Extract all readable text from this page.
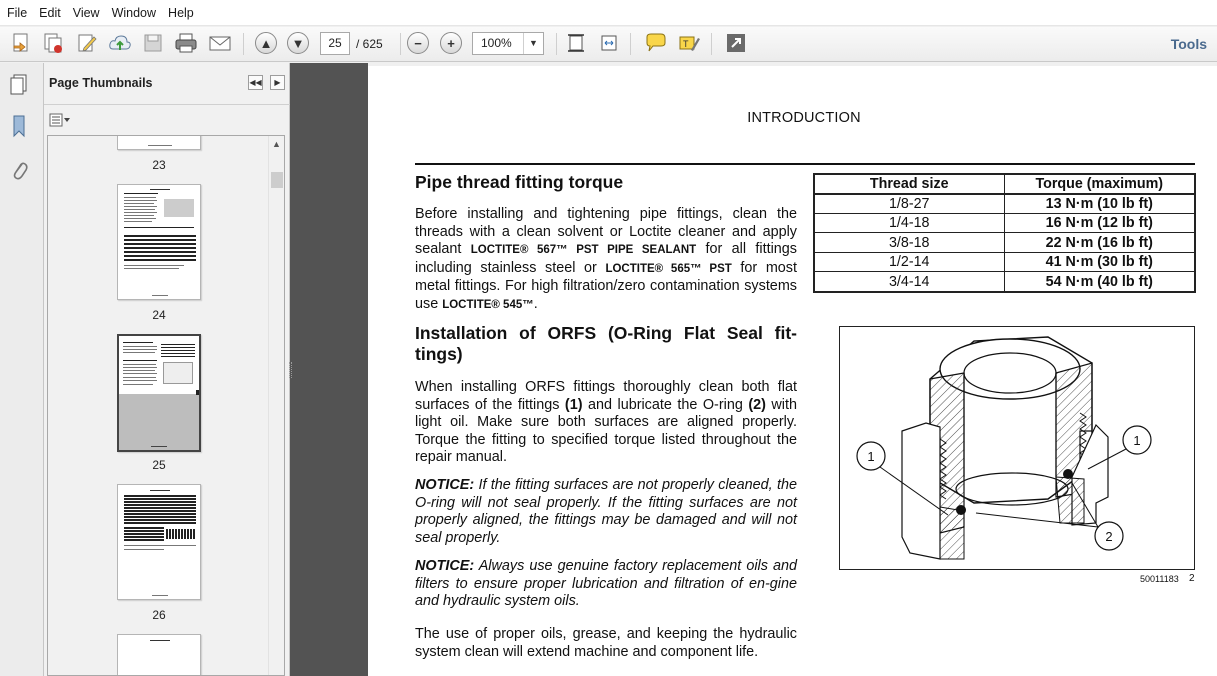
File Edit View Window Help
▲	▼	25	/ 625	−	+	100%	▼	T	Tools
Page Thumbnails	◀◀	▶
23
24
25
26
▲
INTRODUCTION
Pipe thread fitting torque
Before installing and tightening pipe fittings, clean the threads with a clean solvent or Loctite cleaner and apply sealant LOCTITE® 567™ PST PIPE SEALANT for all fittings including stainless steel or LOCTITE® 565™ PST for most metal fittings. For high filtration/zero contamination systems use LOCTITE® 545™.
Thread size	Torque (maximum)
1/8-27	13 N·m (10 lb ft)
1/4-18	16 N·m (12 lb ft)
3/8-18	22 N·m (16 lb ft)
1/2-14	41 N·m (30 lb ft)
3/4-14	54 N·m (40 lb ft)
Installation of ORFS (O-Ring Flat Seal fit-tings)
When installing ORFS fittings thoroughly clean both flat surfaces of the fittings (1) and lubricate the O-ring (2) with light oil. Make sure both surfaces are aligned properly. Torque the fitting to specified torque listed throughout the repair manual.
NOTICE: If the fitting surfaces are not properly cleaned, the O-ring will not seal properly. If the fitting surfaces are not properly aligned, the fittings may be damaged and will not seal properly.
NOTICE: Always use genuine factory replacement oils and filters to ensure proper lubrication and filtration of en-gine and hydraulic system oils.
The use of proper oils, grease, and keeping the hydraulic system clean will extend machine and component life.
1
1
2
50011183 2
